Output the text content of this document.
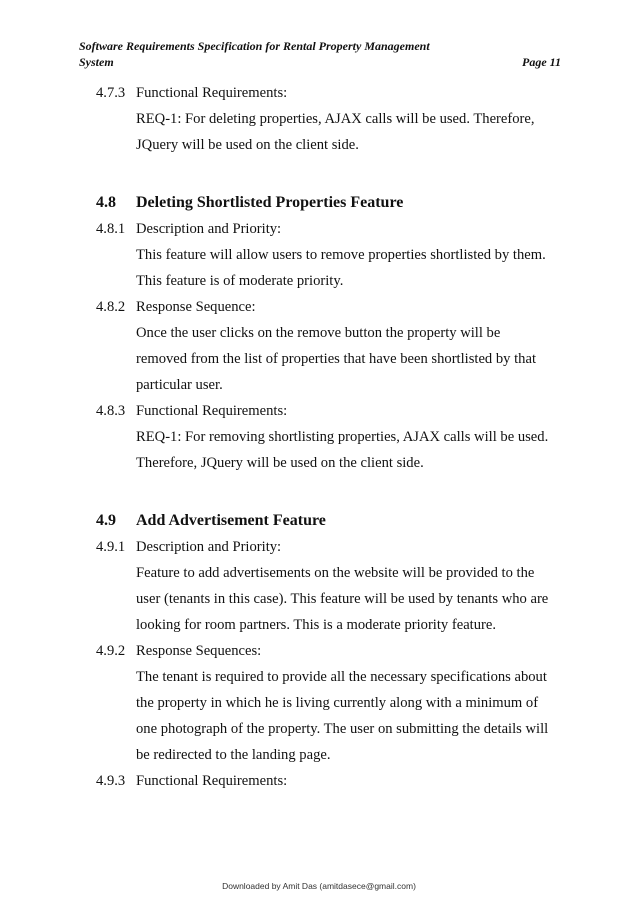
Software Requirements Specification for Rental Property Management
System	Page 11
4.7.3 Functional Requirements:
REQ-1: For deleting properties, AJAX calls will be used. Therefore,
JQuery will be used on the client side.
4.8	Deleting Shortlisted Properties Feature
4.8.1 Description and Priority:
This feature will allow users to remove properties shortlisted by them.
This feature is of moderate priority.
4.8.2 Response Sequence:
Once the user clicks on the remove button the property will be
removed from the list of properties that have been shortlisted by that
particular user.
4.8.3 Functional Requirements:
REQ-1: For removing shortlisting properties, AJAX calls will be used.
Therefore, JQuery will be used on the client side.
4.9	Add Advertisement Feature
4.9.1 Description and Priority:
Feature to add advertisements on the website will be provided to the
user (tenants in this case). This feature will be used by tenants who are
looking for room partners. This is a moderate priority feature.
4.9.2 Response Sequences:
The tenant is required to provide all the necessary specifications about
the property in which he is living currently along with a minimum of
one photograph of the property. The user on submitting the details will
be redirected to the landing page.
4.9.3 Functional Requirements:
Downloaded by Amit Das (amitdasece@gmail.com)
